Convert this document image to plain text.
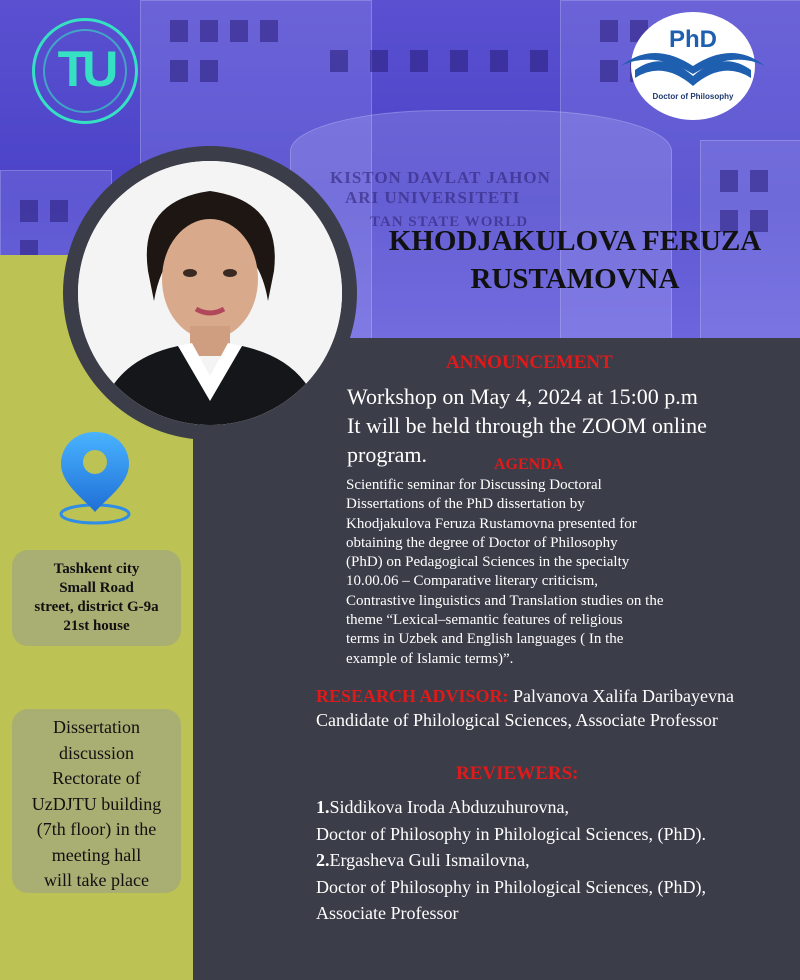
KISTON DAVLAT JAHON
ARI UNIVERSITETI
TAN STATE WORLD
TU
PhD
Doctor of Philosophy
KHODJAKULOVA FERUZA
RUSTAMOVNA
ANNOUNCEMENT
Workshop on May 4, 2024 at 15:00 p.m
It will be held through the ZOOM online
program.	AGENDA
Scientific seminar for Discussing Doctoral
Dissertations of the PhD dissertation by
Khodjakulova Feruza Rustamovna presented for
obtaining the degree of Doctor of Philosophy
(PhD) on Pedagogical Sciences in the specialty
10.00.06 – Comparative literary criticism,
Contrastive linguistics and Translation studies on the
theme “Lexical–semantic features of religious
terms in Uzbek and English languages ( In the
example of Islamic terms)”.
RESEARCH ADVISOR: Palvanova Xalifa Daribayevna
Candidate of Philological Sciences, Associate Professor
REVIEWERS:
1.Siddikova Iroda Abduzuhurovna,
Doctor of Philosophy in Philological Sciences, (PhD).
2.Ergasheva Guli Ismailovna,
Doctor of Philosophy in Philological Sciences, (PhD),
Associate Professor
Tashkent city
Small Road
street, district G-9a
21st house
Dissertation
discussion
Rectorate of
UzDJTU building
(7th floor) in the
meeting hall
will take place
